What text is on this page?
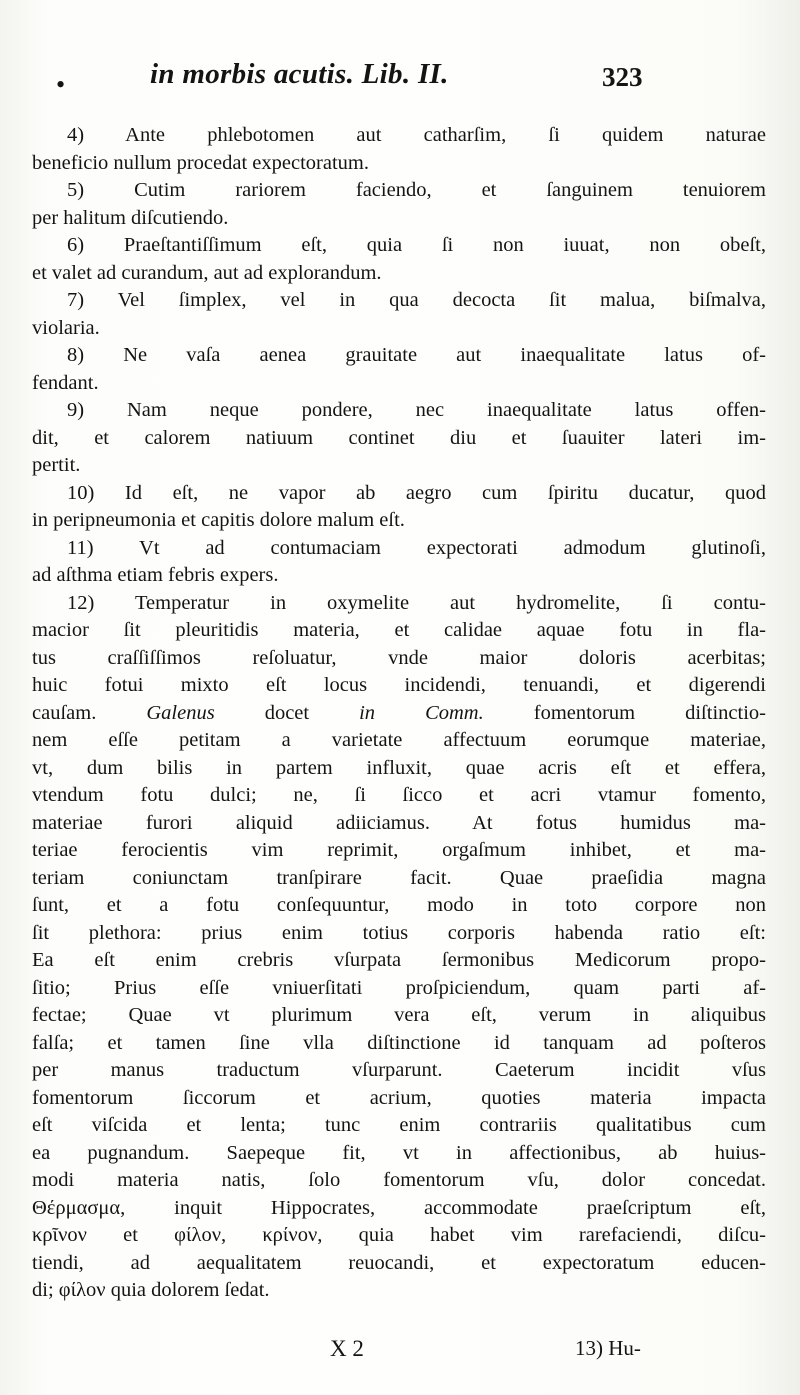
•	in morbis acutis. Lib. II.	323
4) Ante phlebotomen aut catharſim, ſi quidem naturae
beneficio nullum procedat expectoratum.
5) Cutim rariorem faciendo, et ſanguinem tenuiorem
per halitum diſcutiendo.
6) Praeſtantiſſimum eſt, quia ſi non iuuat, non obeſt,
et valet ad curandum, aut ad explorandum.
7) Vel ſimplex, vel in qua decocta ſit malua, biſmalva,
violaria.
8) Ne vaſa aenea grauitate aut inaequalitate latus of-
fendant.
9) Nam neque pondere, nec inaequalitate latus offen-
dit, et calorem natiuum continet diu et ſuauiter lateri im-
pertit.
10) Id eſt, ne vapor ab aegro cum ſpiritu ducatur, quod
in peripneumonia et capitis dolore malum eſt.
11) Vt ad contumaciam expectorati admodum glutinoſi,
ad aſthma etiam febris expers.
12) Temperatur in oxymelite aut hydromelite, ſi contu-
macior ſit pleuritidis materia, et calidae aquae fotu in fla-
tus craſſiſſimos reſoluatur, vnde maior doloris acerbitas;
huic fotui mixto eſt locus incidendi, tenuandi, et digerendi
cauſam. Galenus docet in Comm. fomentorum diſtinctio-
nem eſſe petitam a varietate affectuum eorumque materiae,
vt, dum bilis in partem influxit, quae acris eſt et effera,
vtendum fotu dulci; ne, ſi ſicco et acri vtamur fomento,
materiae furori aliquid adiiciamus. At fotus humidus ma-
teriae ferocientis vim reprimit, orgaſmum inhibet, et ma-
teriam coniunctam tranſpirare facit. Quae praeſidia magna
ſunt, et a fotu conſequuntur, modo in toto corpore non
ſit plethora: prius enim totius corporis habenda ratio eſt:
Ea eſt enim crebris vſurpata ſermonibus Medicorum propo-
ſitio; Prius eſſe vniuerſitati proſpiciendum, quam parti af-
fectae; Quae vt plurimum vera eſt, verum in aliquibus
falſa; et tamen ſine vlla diſtinctione id tanquam ad poſteros
per manus traductum vſurparunt. Caeterum incidit vſus
fomentorum ſiccorum et acrium, quoties materia impacta
eſt viſcida et lenta; tunc enim contrariis qualitatibus cum
ea pugnandum. Saepeque fit, vt in affectionibus, ab huius-
modi materia natis, ſolo fomentorum vſu, dolor concedat.
Θέρμασμα, inquit Hippocrates, accommodate praeſcriptum eſt,
κρῖνον et φίλον, κρίνον, quia habet vim rarefaciendi, diſcu-
tiendi, ad aequalitatem reuocandi, et expectoratum educen-
di; φίλον quia dolorem ſedat.
X 2	13) Hu-
